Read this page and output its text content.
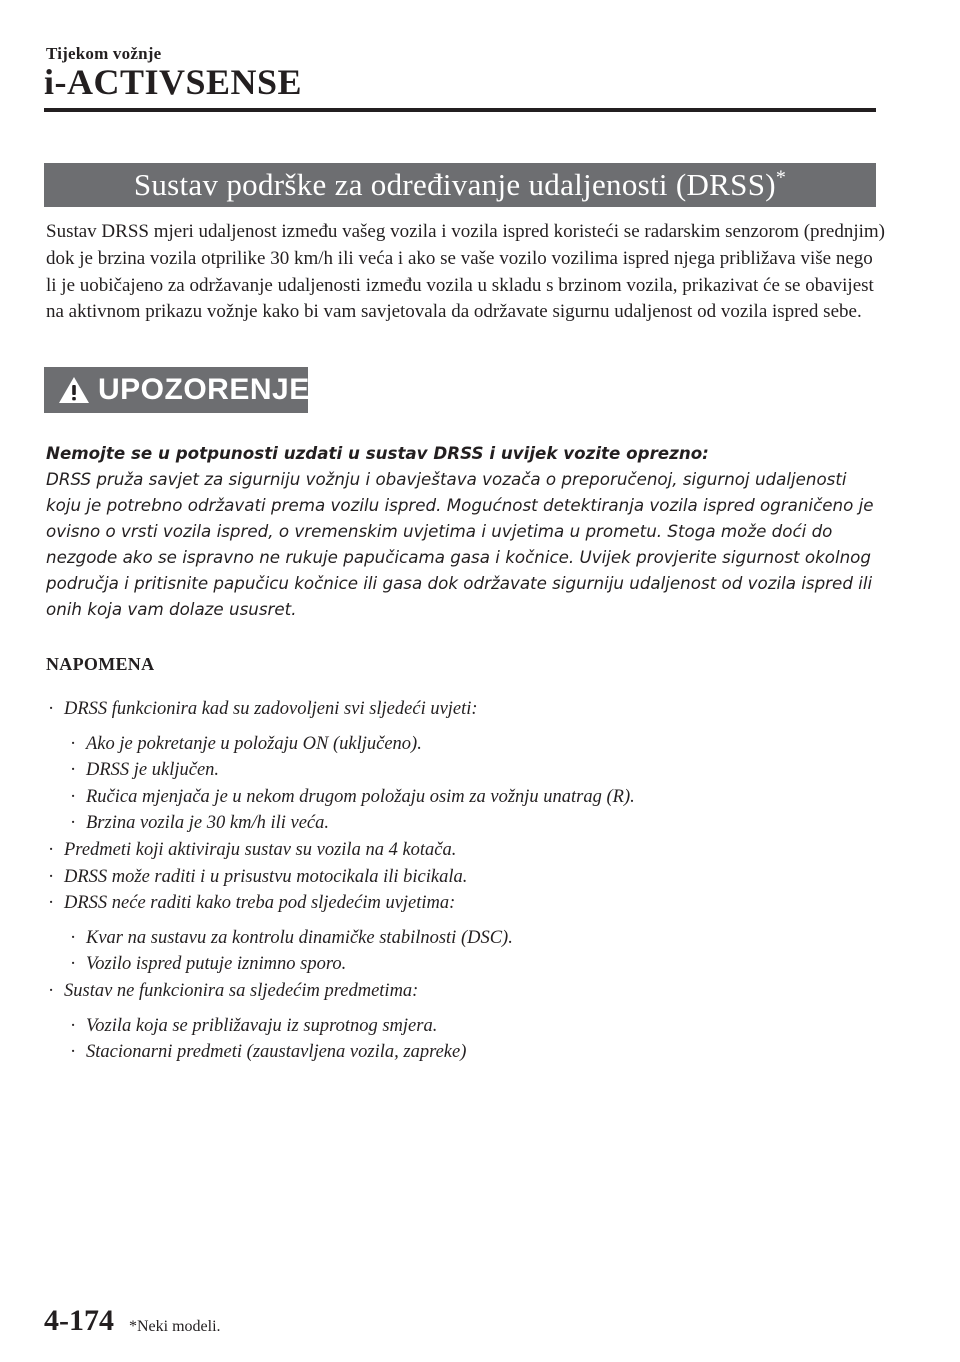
Tijekom vožnje
i-ACTIVSENSE
Sustav podrške za određivanje udaljenosti (DRSS)*

Sustav DRSS mjeri udaljenost između vašeg vozila i vozila ispred koristeći se radarskim senzorom (prednjim) dok je brzina vozila otprilike 30 km/h ili veća i ako se vaše vozilo vozilima ispred njega približava više nego li je uobičajeno za održavanje udaljenosti između vozila u skladu s brzinom vozila, prikazivat će se obavijest na aktivnom prikazu vožnje kako bi vam savjetovala da održavate sigurnu udaljenost od vozila ispred sebe.

UPOZORENJE

Nemojte se u potpunosti uzdati u sustav DRSS i uvijek vozite oprezno:
DRSS pruža savjet za sigurniju vožnju i obavještava vozača o preporučenoj, sigurnoj udaljenosti koju je potrebno održavati prema vozilu ispred. Mogućnost detektiranja vozila ispred ograničeno je ovisno o vrsti vozila ispred, o vremenskim uvjetima i uvjetima u prometu. Stoga može doći do nezgode ako se ispravno ne rukuje papučicama gasa i kočnice. Uvijek provjerite sigurnost okolnog područja i pritisnite papučicu kočnice ili gasa dok održavate sigurniju udaljenost od vozila ispred ili onih koja vam dolaze ususret.

NAPOMENA
· DRSS funkcionira kad su zadovoljeni svi sljedeći uvjeti:
· Ako je pokretanje u položaju ON (uključeno).
· DRSS je uključen.
· Ručica mjenjača je u nekom drugom položaju osim za vožnju unatrag (R).
· Brzina vozila je 30 km/h ili veća.
· Predmeti koji aktiviraju sustav su vozila na 4 kotača.
· DRSS može raditi i u prisustvu motocikala ili bicikala.
· DRSS neće raditi kako treba pod sljedećim uvjetima:
· Kvar na sustavu za kontrolu dinamičke stabilnosti (DSC).
· Vozilo ispred putuje iznimno sporo.
· Sustav ne funkcionira sa sljedećim predmetima:
· Vozila koja se približavaju iz suprotnog smjera.
· Stacionarni predmeti (zaustavljena vozila, zapreke)
4-174 *Neki modeli.
